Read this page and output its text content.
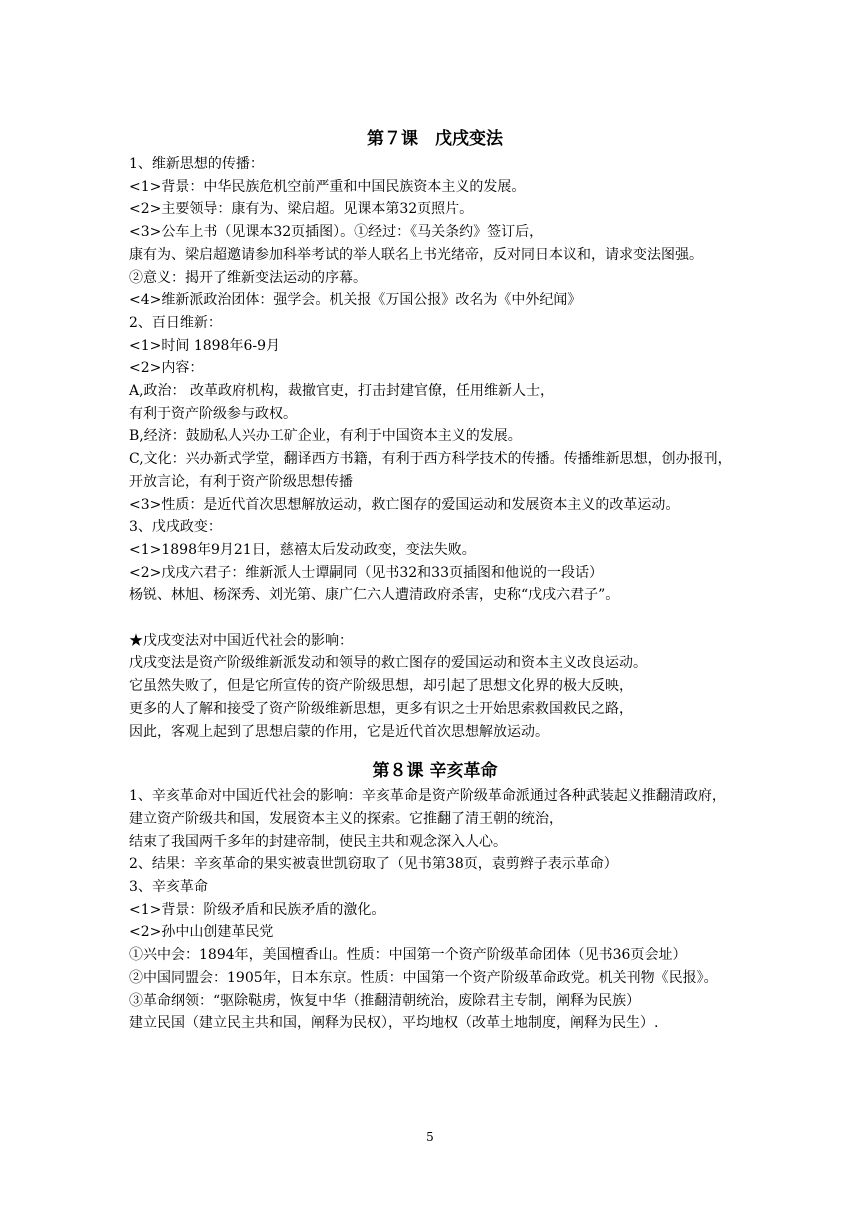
第７课　戊戌变法

1、维新思想的传播：

<1>背景：中华民族危机空前严重和中国民族资本主义的发展。

<2>主要领导：康有为、梁启超。见课本第32页照片。

<3>公车上书（见课本32页插图）。①经过：《马关条约》签订后，

康有为、梁启超邀请参加科举考试的举人联名上书光绪帝，反对同日本议和，请求变法图强。

②意义：揭开了维新变法运动的序幕。

<4>维新派政治团体：强学会。机关报《万国公报》改名为《中外纪闻》

2、百日维新：

<1>时间 1898年6-9月

<2>内容：

A,政治： 改革政府机构，裁撤官吏，打击封建官僚，任用维新人士，

有利于资产阶级参与政权。

B,经济：鼓励私人兴办工矿企业，有利于中国资本主义的发展。

C,文化：兴办新式学堂，翻译西方书籍，有利于西方科学技术的传播。传播维新思想，创办报刊，

开放言论，有利于资产阶级思想传播

<3>性质：是近代首次思想解放运动，救亡图存的爱国运动和发展资本主义的改革运动。

3、戊戌政变：

<1>1898年9月21日，慈禧太后发动政变，变法失败。

<2>戊戌六君子：维新派人士谭嗣同（见书32和33页插图和他说的一段话）

杨锐、林旭、杨深秀、刘光第、康广仁六人遭清政府杀害，史称“戊戌六君子”。

★戊戌变法对中国近代社会的影响：

戊戌变法是资产阶级维新派发动和领导的救亡图存的爱国运动和资本主义改良运动。

它虽然失败了，但是它所宣传的资产阶级思想，却引起了思想文化界的极大反映，

更多的人了解和接受了资产阶级维新思想，更多有识之士开始思索救国救民之路，

因此，客观上起到了思想启蒙的作用，它是近代首次思想解放运动。

第８课 辛亥革命

1、辛亥革命对中国近代社会的影响：辛亥革命是资产阶级革命派通过各种武装起义推翻清政府，

建立资产阶级共和国，发展资本主义的探索。它推翻了清王朝的统治，

结束了我国两千多年的封建帝制，使民主共和观念深入人心。

2、结果：辛亥革命的果实被袁世凯窃取了（见书第38页，袁剪辫子表示革命）

3、辛亥革命

<1>背景：阶级矛盾和民族矛盾的激化。

<2>孙中山创建革民党

①兴中会：1894年，美国檀香山。性质：中国第一个资产阶级革命团体（见书36页会址）

②中国同盟会：1905年，日本东京。性质：中国第一个资产阶级革命政党。机关刊物《民报》。

③革命纲领：“驱除鞑虏，恢复中华（推翻清朝统治，废除君主专制，阐释为民族）

建立民国（建立民主共和国，阐释为民权），平均地权（改革土地制度，阐释为民生）.

5
